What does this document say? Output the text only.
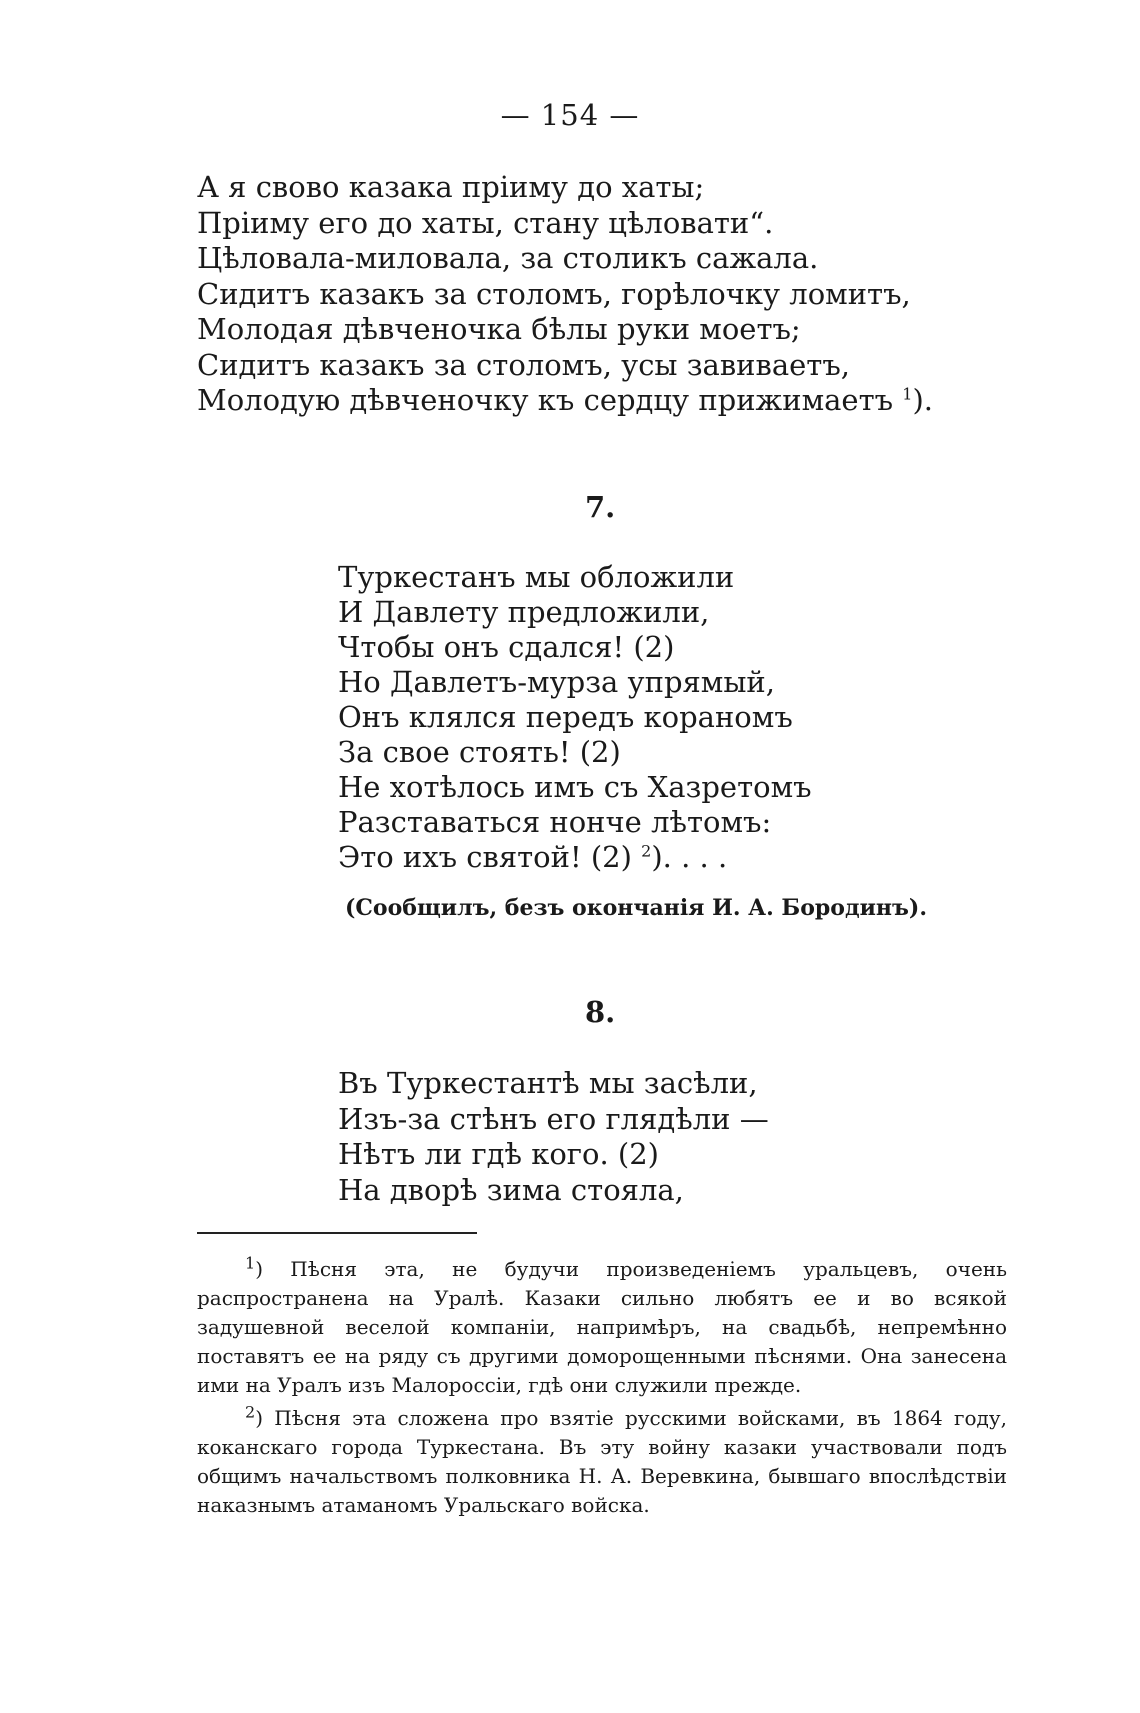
— 154 —
А я свово казака пріиму до хаты;
Пріиму его до хаты, стану цѣловати“.
Цѣловала-миловала, за столикъ сажала.
Сидитъ казакъ за столомъ, горѣлочку ломитъ,
Молодая дѣвченочка бѣлы руки моетъ;
Сидитъ казакъ за столомъ, усы завиваетъ,
Молодую дѣвченочку къ сердцу прижимаетъ $^1$).
7.
Туркестанъ мы обложили
И Давлету предложили,
Чтобы онъ сдался! (2)
Но Давлетъ-мурза упрямый,
Онъ клялся передъ кораномъ
За свое стоять! (2)
Не хотѣлось имъ съ Хазретомъ
Разставаться нонче лѣтомъ:
Это ихъ святой! (2) $^2$). . . .
(Сообщилъ, безъ окончанія И. А. Бородинъ).
8.
Въ Туркестантѣ мы засѣли,
Изъ-за стѣнъ его глядѣли —
Нѣтъ ли гдѣ кого. (2)
На дворѣ зима стояла,

$^1$) Пѣсня эта, не будучи произведеніемъ уральцевъ, очень распространена на Уралѣ. Казаки сильно любятъ ее и во всякой задушевной веселой компаніи, напримѣръ, на свадьбѣ, непремѣнно поставятъ ее на ряду съ другими доморощенными пѣснями. Она занесена ими на Уралъ изъ Малороссіи, гдѣ они служили прежде.

$^2$) Пѣсня эта сложена про взятіе русскими войсками, въ 1864 году, коканскаго города Туркестана. Въ эту войну казаки участвовали подъ общимъ начальствомъ полковника Н. А. Веревкина, бывшаго впослѣдствіи наказнымъ атаманомъ Уральскаго войска.
